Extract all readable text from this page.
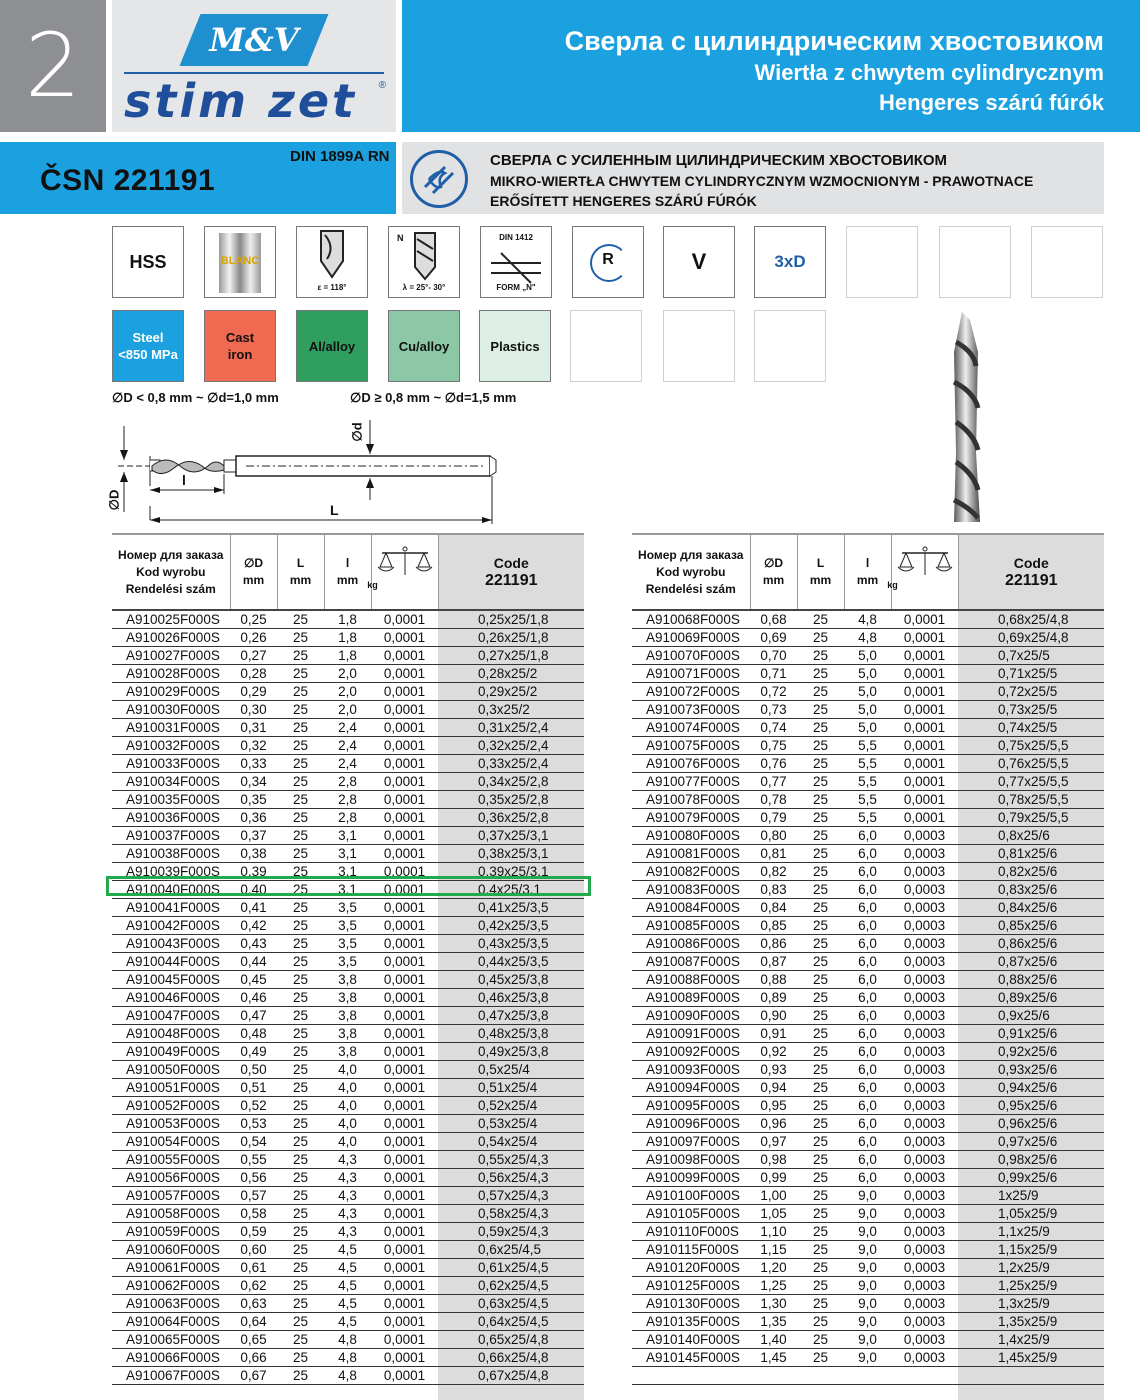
2	M&V
stim zet	®
Сверла с цилиндрическим хвостовиком
Wiertła z chwytem cylindrycznym
Hengeres szárú fúrók
ČSN 221191
DIN 1899A RN	СВЕРЛА С УСИЛЕННЫМ ЦИЛИНДРИЧЕСКИМ ХВОСТОВИКОМ
MIKRO-WIERTŁA CHWYTEM CYLINDRYCZNYM WZMOCNIONYM - PRAWOTNACE
ERŐSÍTETT HENGERES SZÁRÚ FÚRÓK
HSS	BLANC
ε = 118°
N
λ = 25°- 30°
DIN 1412
FORM „N"
R	V	3xD
Steel
<850 MPa
Cast
iron
Al/alloy	Cu/alloy	Plastics
∅D < 0,8 mm ~ ∅d=1,0 mm	∅D ≥ 0,8 mm ~ ∅d=1,5 mm
l
L
∅d
∅D
Номер для заказа
Kod wyrobu
Rendelési szám	∅D
mm	L
mm	l
mm	$^{kg}$	Code
221191

A910025F000S	0,25	25	1,8	0,0001	0,25x25/1,8
A910026F000S	0,26	25	1,8	0,0001	0,26x25/1,8
A910027F000S	0,27	25	1,8	0,0001	0,27x25/1,8
A910028F000S	0,28	25	2,0	0,0001	0,28x25/2
A910029F000S	0,29	25	2,0	0,0001	0,29x25/2
A910030F000S	0,30	25	2,0	0,0001	0,3x25/2
A910031F000S	0,31	25	2,4	0,0001	0,31x25/2,4
A910032F000S	0,32	25	2,4	0,0001	0,32x25/2,4
A910033F000S	0,33	25	2,4	0,0001	0,33x25/2,4
A910034F000S	0,34	25	2,8	0,0001	0,34x25/2,8
A910035F000S	0,35	25	2,8	0,0001	0,35x25/2,8
A910036F000S	0,36	25	2,8	0,0001	0,36x25/2,8
A910037F000S	0,37	25	3,1	0,0001	0,37x25/3,1
A910038F000S	0,38	25	3,1	0,0001	0,38x25/3,1
A910039F000S	0,39	25	3,1	0,0001	0,39x25/3,1
A910040F000S	0,40	25	3,1	0,0001	0,4x25/3,1
A910041F000S	0,41	25	3,5	0,0001	0,41x25/3,5
A910042F000S	0,42	25	3,5	0,0001	0,42x25/3,5
A910043F000S	0,43	25	3,5	0,0001	0,43x25/3,5
A910044F000S	0,44	25	3,5	0,0001	0,44x25/3,5
A910045F000S	0,45	25	3,8	0,0001	0,45x25/3,8
A910046F000S	0,46	25	3,8	0,0001	0,46x25/3,8
A910047F000S	0,47	25	3,8	0,0001	0,47x25/3,8
A910048F000S	0,48	25	3,8	0,0001	0,48x25/3,8
A910049F000S	0,49	25	3,8	0,0001	0,49x25/3,8
A910050F000S	0,50	25	4,0	0,0001	0,5x25/4
A910051F000S	0,51	25	4,0	0,0001	0,51x25/4
A910052F000S	0,52	25	4,0	0,0001	0,52x25/4
A910053F000S	0,53	25	4,0	0,0001	0,53x25/4
A910054F000S	0,54	25	4,0	0,0001	0,54x25/4
A910055F000S	0,55	25	4,3	0,0001	0,55x25/4,3
A910056F000S	0,56	25	4,3	0,0001	0,56x25/4,3
A910057F000S	0,57	25	4,3	0,0001	0,57x25/4,3
A910058F000S	0,58	25	4,3	0,0001	0,58x25/4,3
A910059F000S	0,59	25	4,3	0,0001	0,59x25/4,3
A910060F000S	0,60	25	4,5	0,0001	0,6x25/4,5
A910061F000S	0,61	25	4,5	0,0001	0,61x25/4,5
A910062F000S	0,62	25	4,5	0,0001	0,62x25/4,5
A910063F000S	0,63	25	4,5	0,0001	0,63x25/4,5
A910064F000S	0,64	25	4,5	0,0001	0,64x25/4,5
A910065F000S	0,65	25	4,8	0,0001	0,65x25/4,8
A910066F000S	0,66	25	4,8	0,0001	0,66x25/4,8
A910067F000S	0,67	25	4,8	0,0001	0,67x25/4,8

Номер для заказа
Kod wyrobu
Rendelési szám	∅D
mm	L
mm	l
mm	$^{kg}$	Code
221191

A910068F000S	0,68	25	4,8	0,0001	0,68x25/4,8
A910069F000S	0,69	25	4,8	0,0001	0,69x25/4,8
A910070F000S	0,70	25	5,0	0,0001	0,7x25/5
A910071F000S	0,71	25	5,0	0,0001	0,71x25/5
A910072F000S	0,72	25	5,0	0,0001	0,72x25/5
A910073F000S	0,73	25	5,0	0,0001	0,73x25/5
A910074F000S	0,74	25	5,0	0,0001	0,74x25/5
A910075F000S	0,75	25	5,5	0,0001	0,75x25/5,5
A910076F000S	0,76	25	5,5	0,0001	0,76x25/5,5
A910077F000S	0,77	25	5,5	0,0001	0,77x25/5,5
A910078F000S	0,78	25	5,5	0,0001	0,78x25/5,5
A910079F000S	0,79	25	5,5	0,0001	0,79x25/5,5
A910080F000S	0,80	25	6,0	0,0003	0,8x25/6
A910081F000S	0,81	25	6,0	0,0003	0,81x25/6
A910082F000S	0,82	25	6,0	0,0003	0,82x25/6
A910083F000S	0,83	25	6,0	0,0003	0,83x25/6
A910084F000S	0,84	25	6,0	0,0003	0,84x25/6
A910085F000S	0,85	25	6,0	0,0003	0,85x25/6
A910086F000S	0,86	25	6,0	0,0003	0,86x25/6
A910087F000S	0,87	25	6,0	0,0003	0,87x25/6
A910088F000S	0,88	25	6,0	0,0003	0,88x25/6
A910089F000S	0,89	25	6,0	0,0003	0,89x25/6
A910090F000S	0,90	25	6,0	0,0003	0,9x25/6
A910091F000S	0,91	25	6,0	0,0003	0,91x25/6
A910092F000S	0,92	25	6,0	0,0003	0,92x25/6
A910093F000S	0,93	25	6,0	0,0003	0,93x25/6
A910094F000S	0,94	25	6,0	0,0003	0,94x25/6
A910095F000S	0,95	25	6,0	0,0003	0,95x25/6
A910096F000S	0,96	25	6,0	0,0003	0,96x25/6
A910097F000S	0,97	25	6,0	0,0003	0,97x25/6
A910098F000S	0,98	25	6,0	0,0003	0,98x25/6
A910099F000S	0,99	25	6,0	0,0003	0,99x25/6
A910100F000S	1,00	25	9,0	0,0003	1x25/9
A910105F000S	1,05	25	9,0	0,0003	1,05x25/9
A910110F000S	1,10	25	9,0	0,0003	1,1x25/9
A910115F000S	1,15	25	9,0	0,0003	1,15x25/9
A910120F000S	1,20	25	9,0	0,0003	1,2x25/9
A910125F000S	1,25	25	9,0	0,0003	1,25x25/9
A910130F000S	1,30	25	9,0	0,0003	1,3x25/9
A910135F000S	1,35	25	9,0	0,0003	1,35x25/9
A910140F000S	1,40	25	9,0	0,0003	1,4x25/9
A910145F000S	1,45	25	9,0	0,0003	1,45x25/9
